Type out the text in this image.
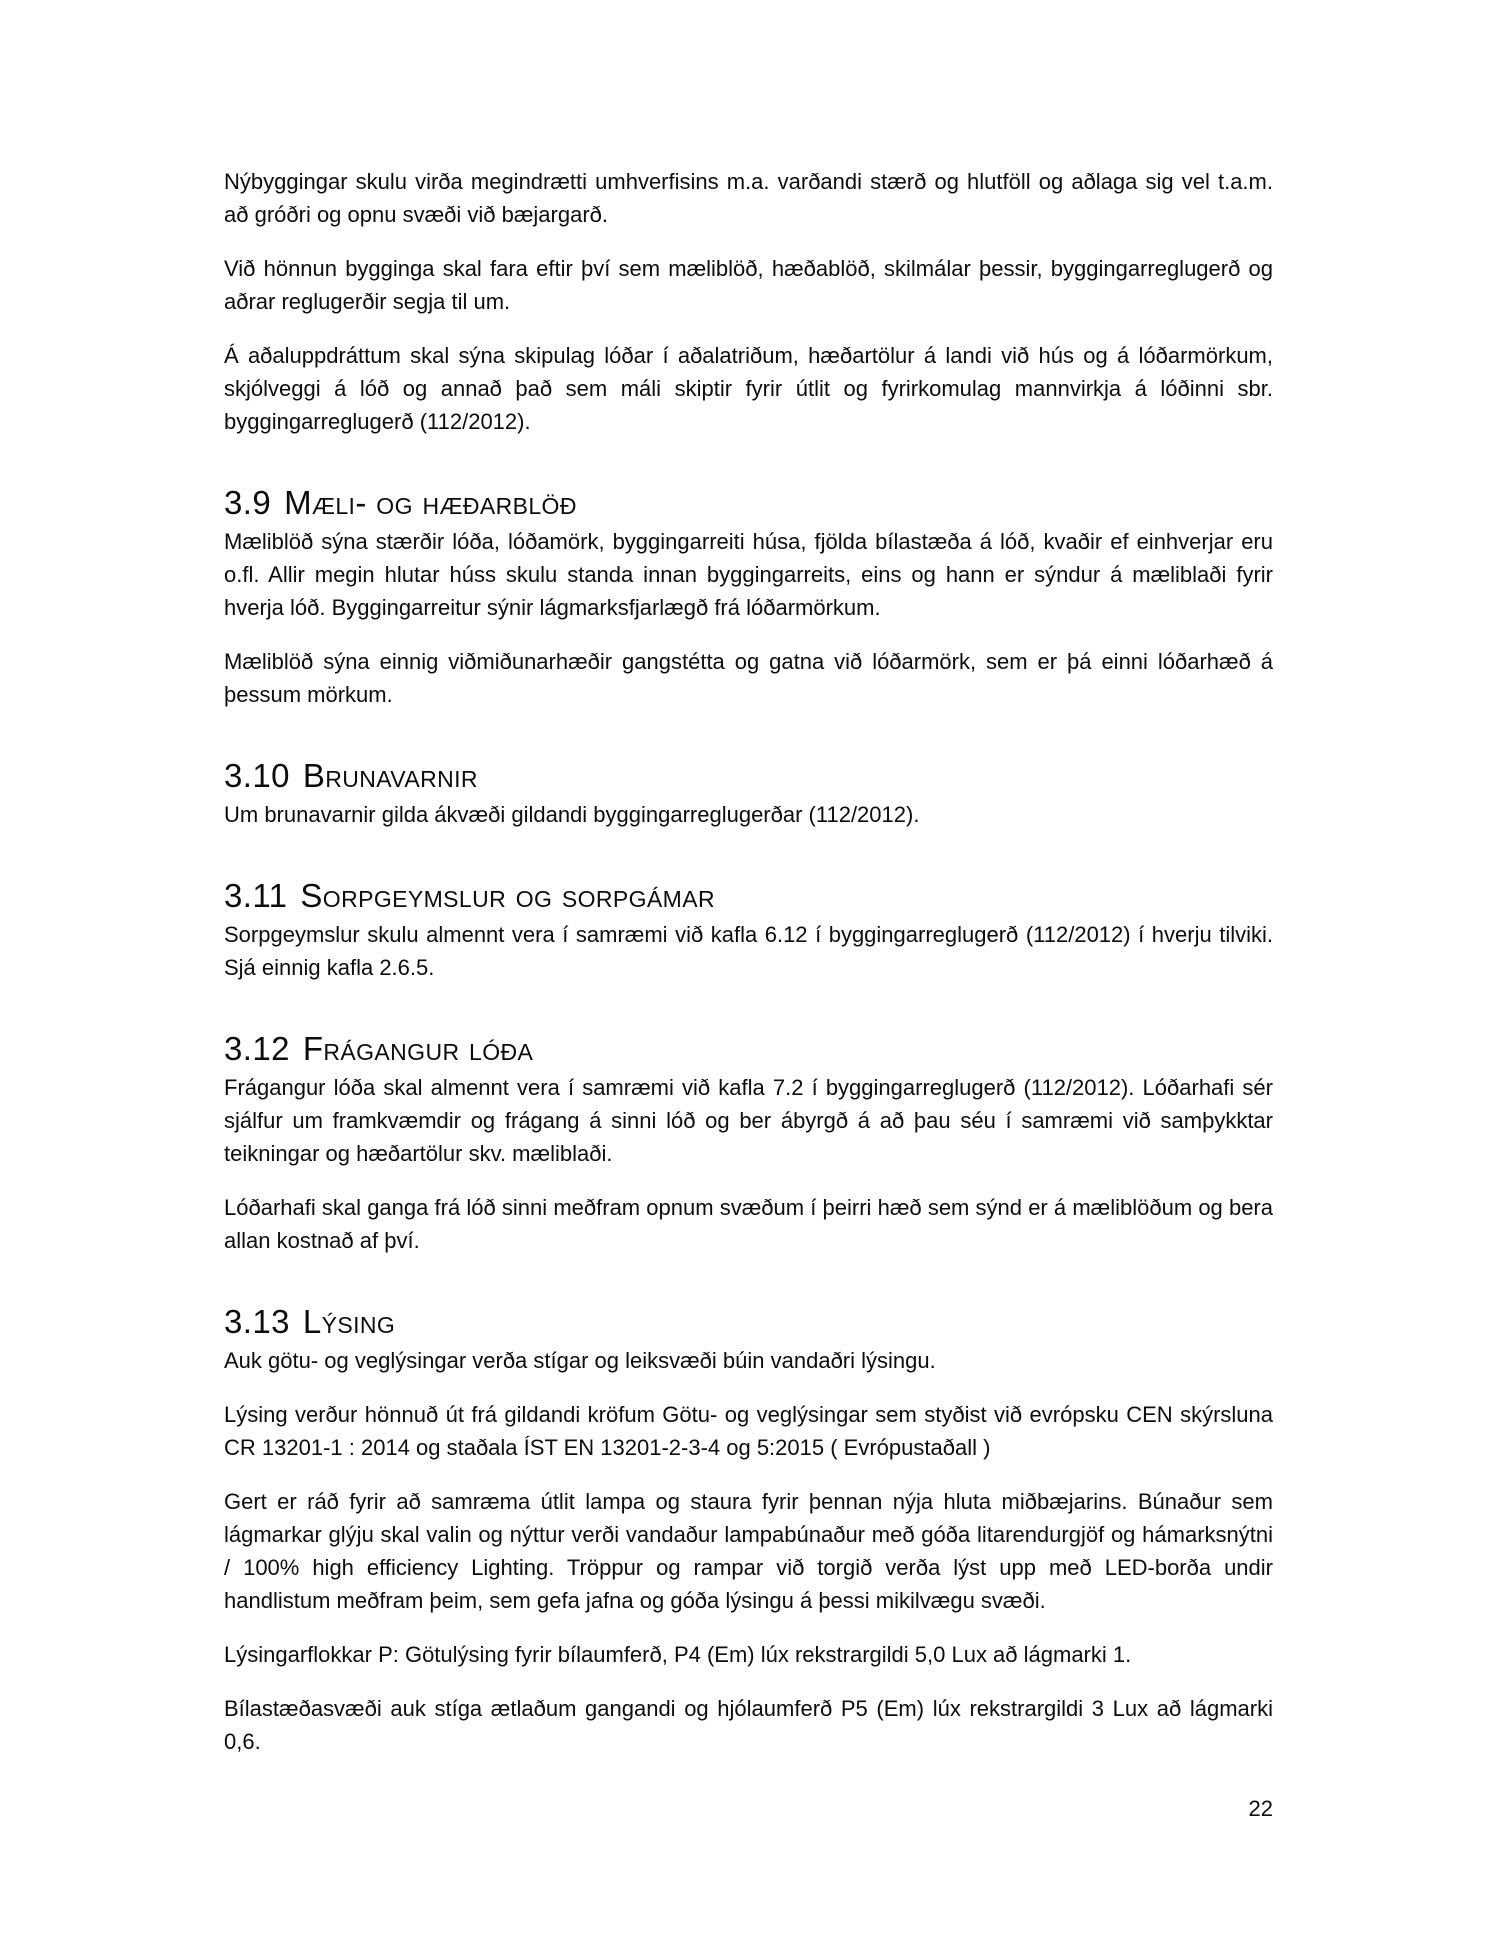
Nýbyggingar skulu virða megindrætti umhverfisins m.a. varðandi stærð og hlutföll og aðlaga sig vel t.a.m. að gróðri og opnu svæði við bæjargarð.

Við hönnun bygginga skal fara eftir því sem mæliblöð, hæðablöð, skilmálar þessir, byggingarreglugerð og aðrar reglugerðir segja til um.

Á aðaluppdráttum skal sýna skipulag lóðar í aðalatriðum, hæðartölur á landi við hús og á lóðarmörkum, skjólveggi á lóð og annað það sem máli skiptir fyrir útlit og fyrirkomulag mannvirkja á lóðinni sbr. byggingarreglugerð (112/2012).

3.9 Mæli- og hæðarblöð

Mæliblöð sýna stærðir lóða, lóðamörk, byggingarreiti húsa, fjölda bílastæða á lóð, kvaðir ef einhverjar eru o.fl. Allir megin hlutar húss skulu standa innan byggingarreits, eins og hann er sýndur á mæliblaði fyrir hverja lóð. Byggingarreitur sýnir lágmarksfjarlægð frá lóðarmörkum.

Mæliblöð sýna einnig viðmiðunarhæðir gangstétta og gatna við lóðarmörk, sem er þá einni lóðarhæð á þessum mörkum.

3.10 Brunavarnir

Um brunavarnir gilda ákvæði gildandi byggingarreglugerðar (112/2012).

3.11 Sorpgeymslur og sorpgámar

Sorpgeymslur skulu almennt vera í samræmi við kafla 6.12 í byggingarreglugerð (112/2012) í hverju tilviki. Sjá einnig kafla 2.6.5.

3.12 Frágangur lóða

Frágangur lóða skal almennt vera í samræmi við kafla 7.2 í byggingarreglugerð (112/2012). Lóðarhafi sér sjálfur um framkvæmdir og frágang á sinni lóð og ber ábyrgð á að þau séu í samræmi við samþykktar teikningar og hæðartölur skv. mæliblaði.

Lóðarhafi skal ganga frá lóð sinni meðfram opnum svæðum í þeirri hæð sem sýnd er á mæliblöðum og bera allan kostnað af því.

3.13 Lýsing

Auk götu- og veglýsingar verða stígar og leiksvæði búin vandaðri lýsingu.

Lýsing verður hönnuð út frá gildandi kröfum Götu- og veglýsingar sem styðist við evrópsku CEN skýrsluna CR 13201-1 : 2014 og staðala ÍST EN 13201-2-3-4 og 5:2015 ( Evrópustaðall )

Gert er ráð fyrir að samræma útlit lampa og staura fyrir þennan nýja hluta miðbæjarins. Búnaður sem lágmarkar glýju skal valin og nýttur verði vandaður lampabúnaður með góða litarendurgjöf og hámarksnýtni / 100% high efficiency Lighting. Tröppur og rampar við torgið verða lýst upp með LED-borða undir handlistum meðfram þeim, sem gefa jafna og góða lýsingu á þessi mikilvægu svæði.

Lýsingarflokkar P: Götulýsing fyrir bílaumferð, P4 (Em) lúx rekstrargildi 5,0 Lux að lágmarki 1.

Bílastæðasvæði auk stíga ætlaðum gangandi og hjólaumferð P5 (Em) lúx rekstrargildi 3 Lux að lágmarki 0,6.

22
